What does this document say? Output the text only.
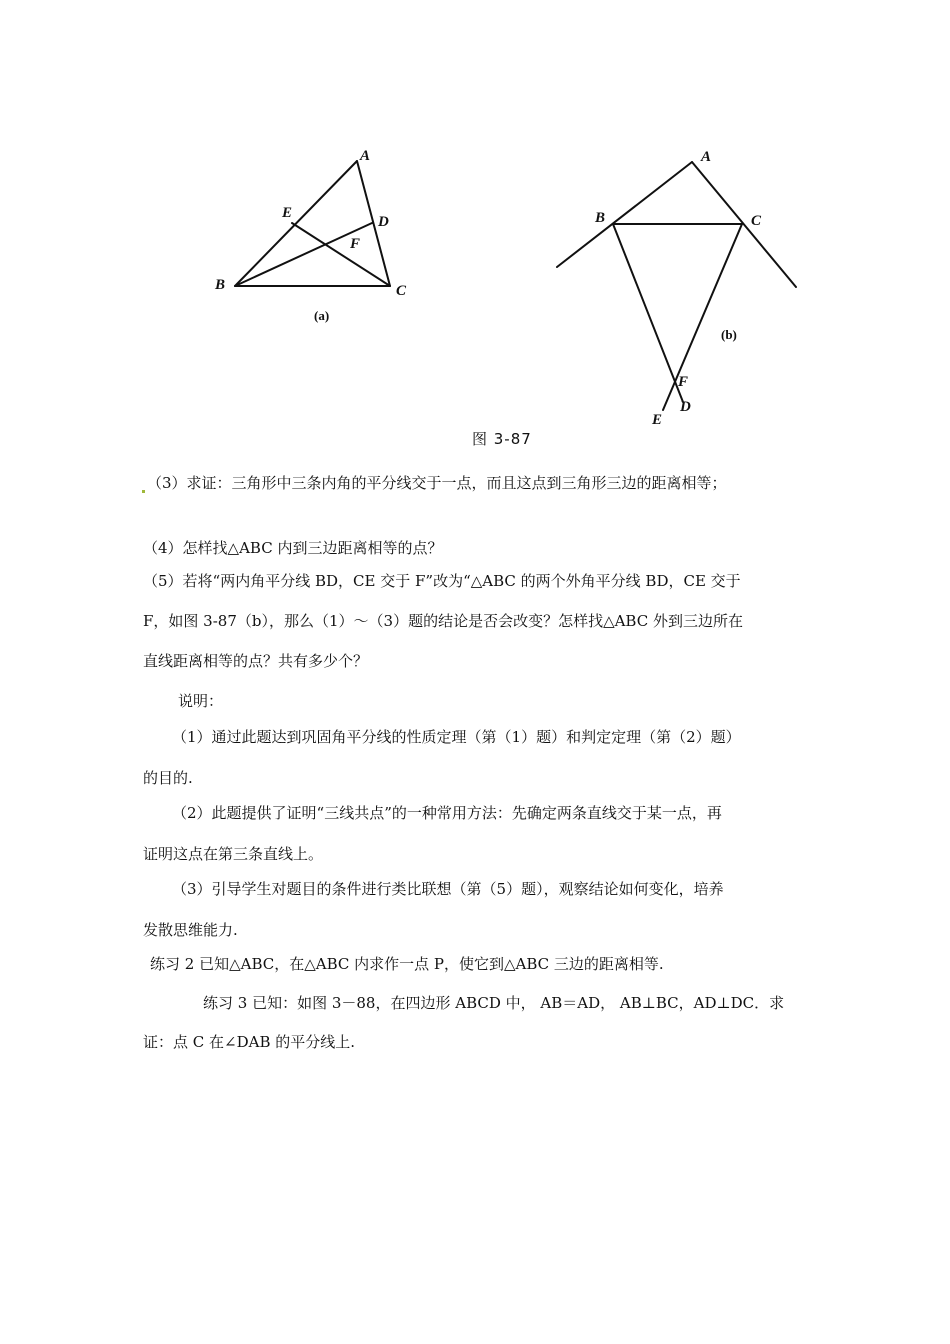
A
E
D
F
B	C
(a)
A
B	C
(b)
F
D
E
图 3-87
（3）求证：三角形中三条内角的平分线交于一点，而且这点到三角形三边的距离相等；
（4）怎样找△ABC 内到三边距离相等的点？
（5）若将“两内角平分线 BD，CE 交于 F”改为“△ABC 的两个外角平分线 BD，CE 交于
F，如图 3-87（b），那么（1）～（3）题的结论是否会改变？怎样找△ABC 外到三边所在
直线距离相等的点？共有多少个？
说明：
（1）通过此题达到巩固角平分线的性质定理（第（1）题）和判定定理（第（2）题）
的目的.
（2）此题提供了证明“三线共点”的一种常用方法：先确定两条直线交于某一点，再
证明这点在第三条直线上。
（3）引导学生对题目的条件进行类比联想（第（5）题），观察结论如何变化，培养
发散思维能力.
练习 2 已知△ABC，在△ABC 内求作一点 P，使它到△ABC 三边的距离相等.
练习 3 已知：如图 3－88，在四边形 ABCD 中， AB＝AD， AB⊥BC，AD⊥DC．求
证：点 C 在∠DAB 的平分线上.
